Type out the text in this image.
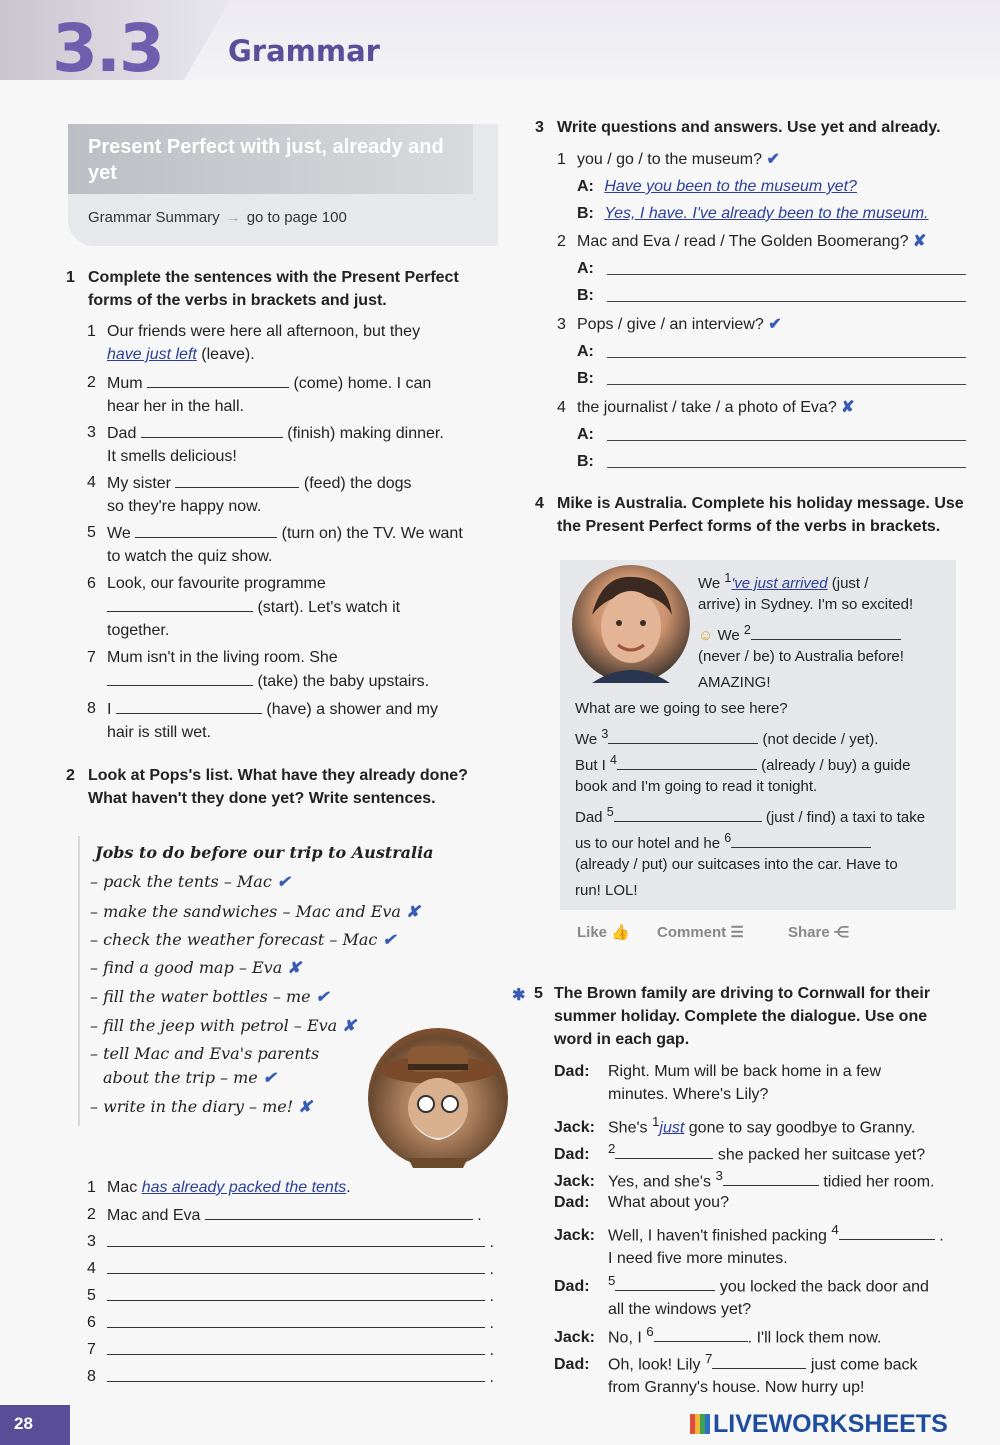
3.3 Grammar
Present Perfect with just, already and yet
Grammar Summary → go to page 100
1 Complete the sentences with the Present Perfect forms of the verbs in brackets and just.
1 Our friends were here all afternoon, but they
have just left (leave).
2 Mum	(come) home. I can
hear her in the hall.
3 Dad	(finish) making dinner.
It smells delicious!
4 My sister	(feed) the dogs
so they're happy now.
5 We	(turn on) the TV. We want
to watch the quiz show.
6 Look, our favourite programme
(start). Let's watch it
together.
7 Mum isn't in the living room. She
(take) the baby upstairs.
8 I	(have) a shower and my
hair is still wet.
2 Look at Pops's list. What have they already done? What haven't they done yet? Write sentences.
Jobs to do before our trip to Australia
– pack the tents – Mac ✔
– make the sandwiches – Mac and Eva ✘
– check the weather forecast – Mac ✔
– find a good map – Eva ✘
– fill the water bottles – me ✔
– fill the jeep with petrol – Eva ✘
– tell Mac and Eva's parents
about the trip – me ✔
– write in the diary – me! ✘
1 Mac has already packed the tents.
2 Mac and Eva	.
3	.
4	.
5	.
6	.
7	.
8	.
3 Write questions and answers. Use yet and already.
1 you / go / to the museum? ✔
A: Have you been to the museum yet?
B: Yes, I have. I've already been to the museum.
2 Mac and Eva / read / The Golden Boomerang? ✘
A:
B:
3 Pops / give / an interview? ✔
A:
B:
4 the journalist / take / a photo of Eva? ✘
A:
B:
4 Mike is Australia. Complete his holiday message. Use the Present Perfect forms of the verbs in brackets.
We $^1$'ve just arrived (just /
arrive) in Sydney. I'm so excited!
☺ We $^2$
(never / be) to Australia before!
AMAZING!
What are we going to see here?
We $^3$	(not decide / yet).
But I $^4$	(already / buy) a guide
book and I'm going to read it tonight.
Dad $^5$	(just / find) a taxi to take
us to our hotel and he $^6$
(already / put) our suitcases into the car. Have to
run! LOL!
Like 👍 Comment ☰	Share ⋲
✱ 5 The Brown family are driving to Cornwall for their summer holiday. Complete the dialogue. Use one word in each gap.
Dad: Right. Mum will be back home in a few
minutes. Where's Lily?
Jack: She's $^1$just gone to say goodbye to Granny.
Dad: $^2$	she packed her suitcase yet?
Jack: Yes, and she's $^3$	tidied her room.
Dad: What about you?
Jack: Well, I haven't finished packing $^4$	.
I need five more minutes.
Dad: $^5$	you locked the back door and
all the windows yet?
Jack: No, I $^6$	. I'll lock them now.
Dad: Oh, look! Lily $^7$	just come back
from Granny's house. Now hurry up!
28	LIVEWORKSHEETS
